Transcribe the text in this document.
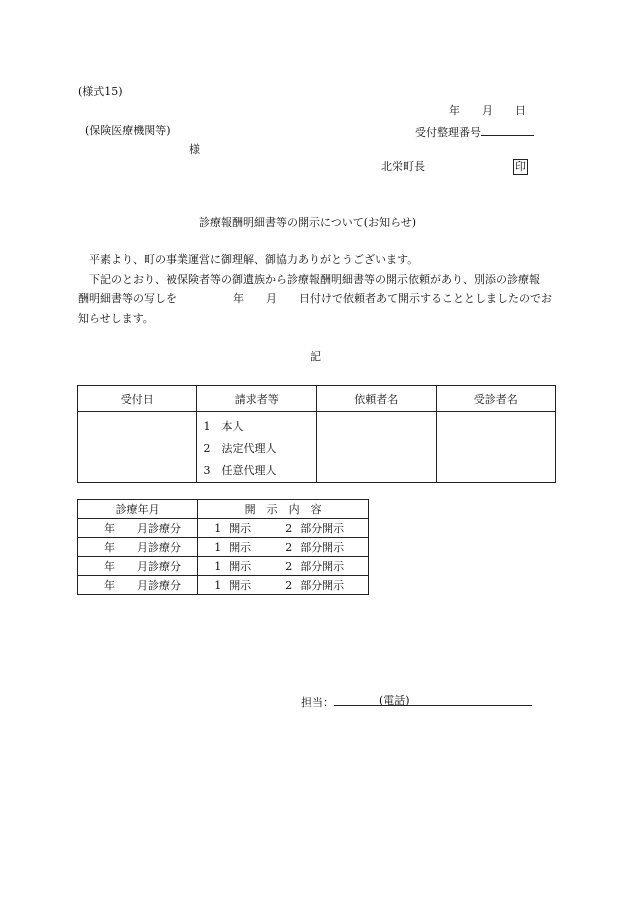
(様式15)
年 月 日
(保険医療機関等)	受付整理番号
様
北栄町長	印
診療報酬明細書等の開示について(お知らせ)

平素より、町の事業運営に御理解、御協力ありがとうございます。

下記のとおり、被保険者等の御遺族から診療報酬明細書等の開示依頼があり、別添の診療報

酬明細書等の写しを	年 月 日付けで依頼者あて開示することとしましたのでお
知らせします。
記
受付日	請求者等	依頼者名	受診者名

	1　本人
2　法定代理人
3　任意代理人		

診療年月	開　示　内　容
年 月診療分	1 開示 2 部分開示
年 月診療分	1 開示 2 部分開示
年 月診療分	1 開示 2 部分開示
年 月診療分	1 開示 2 部分開示
担当：	(電話)
